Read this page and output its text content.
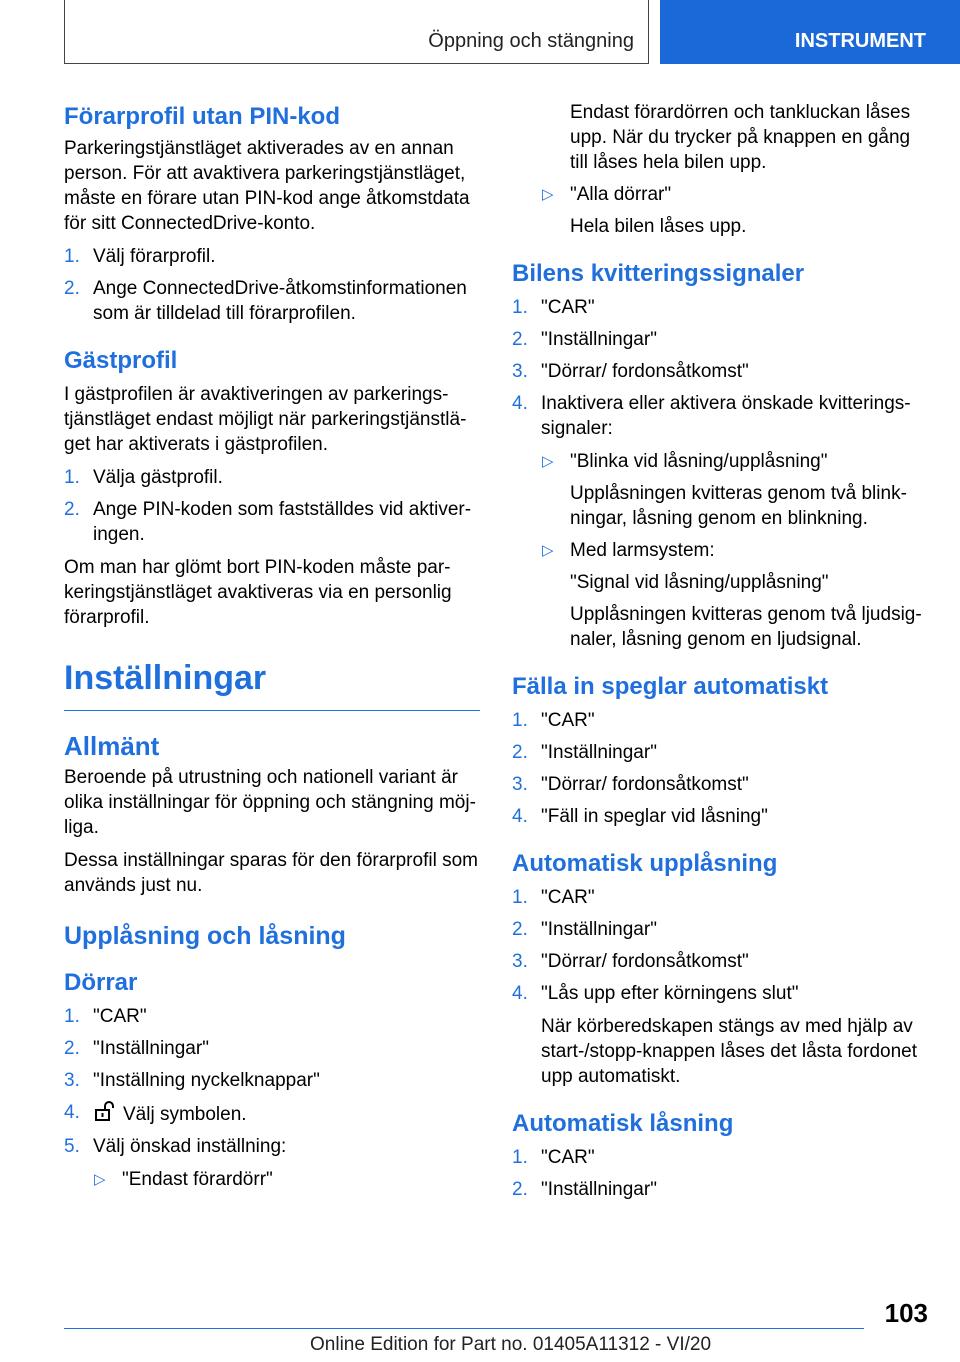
Öppning och stängning	INSTRUMENT
Förarprofil utan PIN-kod
Parkeringstjänstläget aktiverades av en annan person. För att avaktivera parkeringstjänstläget, måste en förare utan PIN-kod ange åtkomstdata för sitt ConnectedDrive-konto.
1. Välj förarprofil.
2. Ange ConnectedDrive-åtkomstinformationen som är tilldelad till förarprofilen.
Gästprofil
I gästprofilen är avaktiveringen av parkeringstjänstläget endast möjligt när parkeringstjänstläget har aktiverats i gästprofilen.
1. Välja gästprofil.
2. Ange PIN-koden som fastställdes vid aktiveringen.
Om man har glömt bort PIN-koden måste parkeringstjänstläget avaktiveras via en personlig förarprofil.
Inställningar
Allmänt
Beroende på utrustning och nationell variant är olika inställningar för öppning och stängning möjliga.
Dessa inställningar sparas för den förarprofil som används just nu.
Upplåsning och låsning
Dörrar
1. "CAR"
2. "Inställningar"
3. "Inställning nyckelknappar"
4. Välj symbolen.
5. Välj önskad inställning:
▷ "Endast förardörr"
Endast förardörren och tankluckan låses upp. När du trycker på knappen en gång till låses hela bilen upp.
▷ "Alla dörrar"
Hela bilen låses upp.
Bilens kvitteringssignaler
1. "CAR"
2. "Inställningar"
3. "Dörrar/ fordonsåtkomst"
4. Inaktivera eller aktivera önskade kvitteringssignaler:
▷ "Blinka vid låsning/upplåsning"
Upplåsningen kvitteras genom två blinkningar, låsning genom en blinkning.
▷ Med larmsystem:
"Signal vid låsning/upplåsning"
Upplåsningen kvitteras genom två ljudsignaler, låsning genom en ljudsignal.
Fälla in speglar automatiskt
1. "CAR"
2. "Inställningar"
3. "Dörrar/ fordonsåtkomst"
4. "Fäll in speglar vid låsning"
Automatisk upplåsning
1. "CAR"
2. "Inställningar"
3. "Dörrar/ fordonsåtkomst"
4. "Lås upp efter körningens slut"
När körberedskapen stängs av med hjälp av start-/stopp-knappen låses det låsta fordonet upp automatiskt.
Automatisk låsning
1. "CAR"
2. "Inställningar"
103
Online Edition for Part no. 01405A11312 - VI/20
